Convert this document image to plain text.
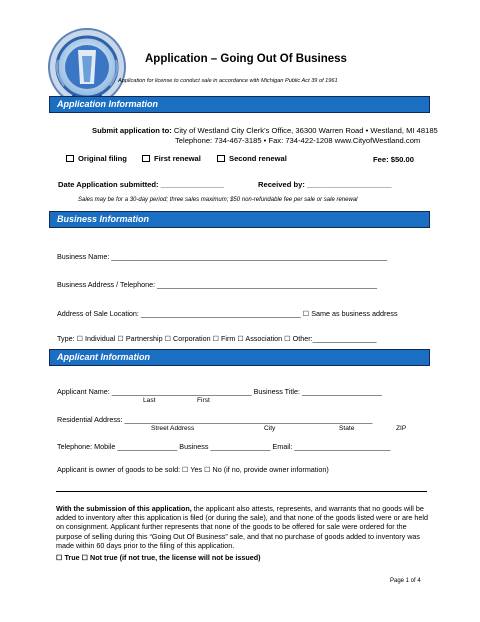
Application – Going Out Of Business
Application for license to conduct sale in accordance with Michigan Public Act 39 of 1961
Application Information
Submit application to: City of Westland City Clerk’s Office, 36300 Warren Road • Westland, MI 48185
Telephone: 734-467-3185 • Fax: 734-422-1208 www.CityofWestland.com
Original filing	First renewal	Second renewal	Fee: $50.00
Date Application submitted: _______________	Received by: ____________________
Sales may be for a 30-day period; three sales maximum; $50 non-refundable fee per sale or sale renewal
Business Information
Business Name: _____________________________________________________________________
Business Address / Telephone: _______________________________________________________
Address of Sale Location: ________________________________________ ☐ Same as business address
Type: ☐ Individual ☐ Partnership ☐ Corporation ☐ Firm ☐ Association ☐ Other:________________
Applicant Information
Applicant Name: ___________________________________ Business Title: ____________________
Last	First
Residential Address: ______________________________________________________________
Street Address	City	State	ZIP
Telephone: Mobile _______________ Business _______________ Email: ________________________
Applicant is owner of goods to be sold: ☐ Yes ☐ No (if no, provide owner information)
With the submission of this application, the applicant also attests, represents, and warrants that no goods will be added to inventory after this application is filed (or during the sale), and that none of the goods listed were or are held on consignment. Applicant further represents that none of the goods to be offered for sale were ordered for the purpose of selling during this “Going Out Of Business” sale, and that no purchase of goods added to inventory was made within 60 days prior to the filing of this application.
☐ True ☐ Not true (if not true, the license will not be issued)
Page 1 of 4
